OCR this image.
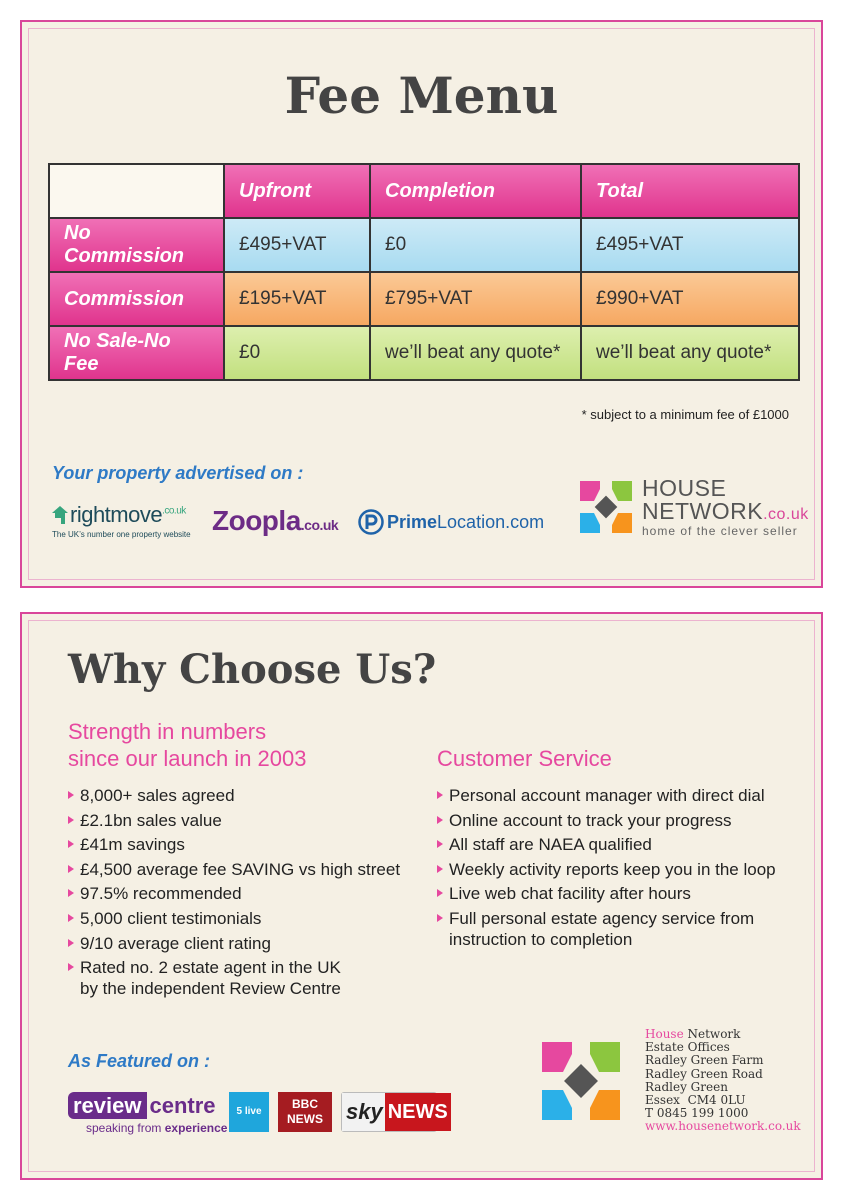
Fee Menu
	Upfront	Completion	Total
No Commission	£495+VAT	£0	£495+VAT
Commission	£195+VAT	£795+VAT	£990+VAT
No Sale-No Fee	£0	we’ll beat any quote*	we’ll beat any quote*
* subject to a minimum fee of £1000
Your property advertised on :
rightmove$^{.co.uk}$
The UK’s number one property website Zoopla.co.uk	Prime Location .com
HOUSE
NETWORK.co.uk
home of the clever seller
Why Choose Us?
Strength in numbers
since our launch in 2003	Customer Service
8,000+ sales agreed
£2.1bn sales value
£41m savings
£4,500 average fee SAVING vs high street
97.5% recommended
5,000 client testimonials
9/10 average client rating
Rated no. 2 estate agent in the UK
by the independent Review Centre
Personal account manager with direct dial
Online account to track your progress
All staff are NAEA qualified
Weekly activity reports keep you in the loop
Live web chat facility after hours
Full personal estate agency service from
instruction to completion
As Featured on :
review centre
speaking from experience
5 live
BBC
NEWS	sky NEWS
House Network
Estate Offices
Radley Green Farm
Radley Green Road
Radley Green
Essex  CM4 0LU
T 0845 199 1000
www.housenetwork.co.uk
